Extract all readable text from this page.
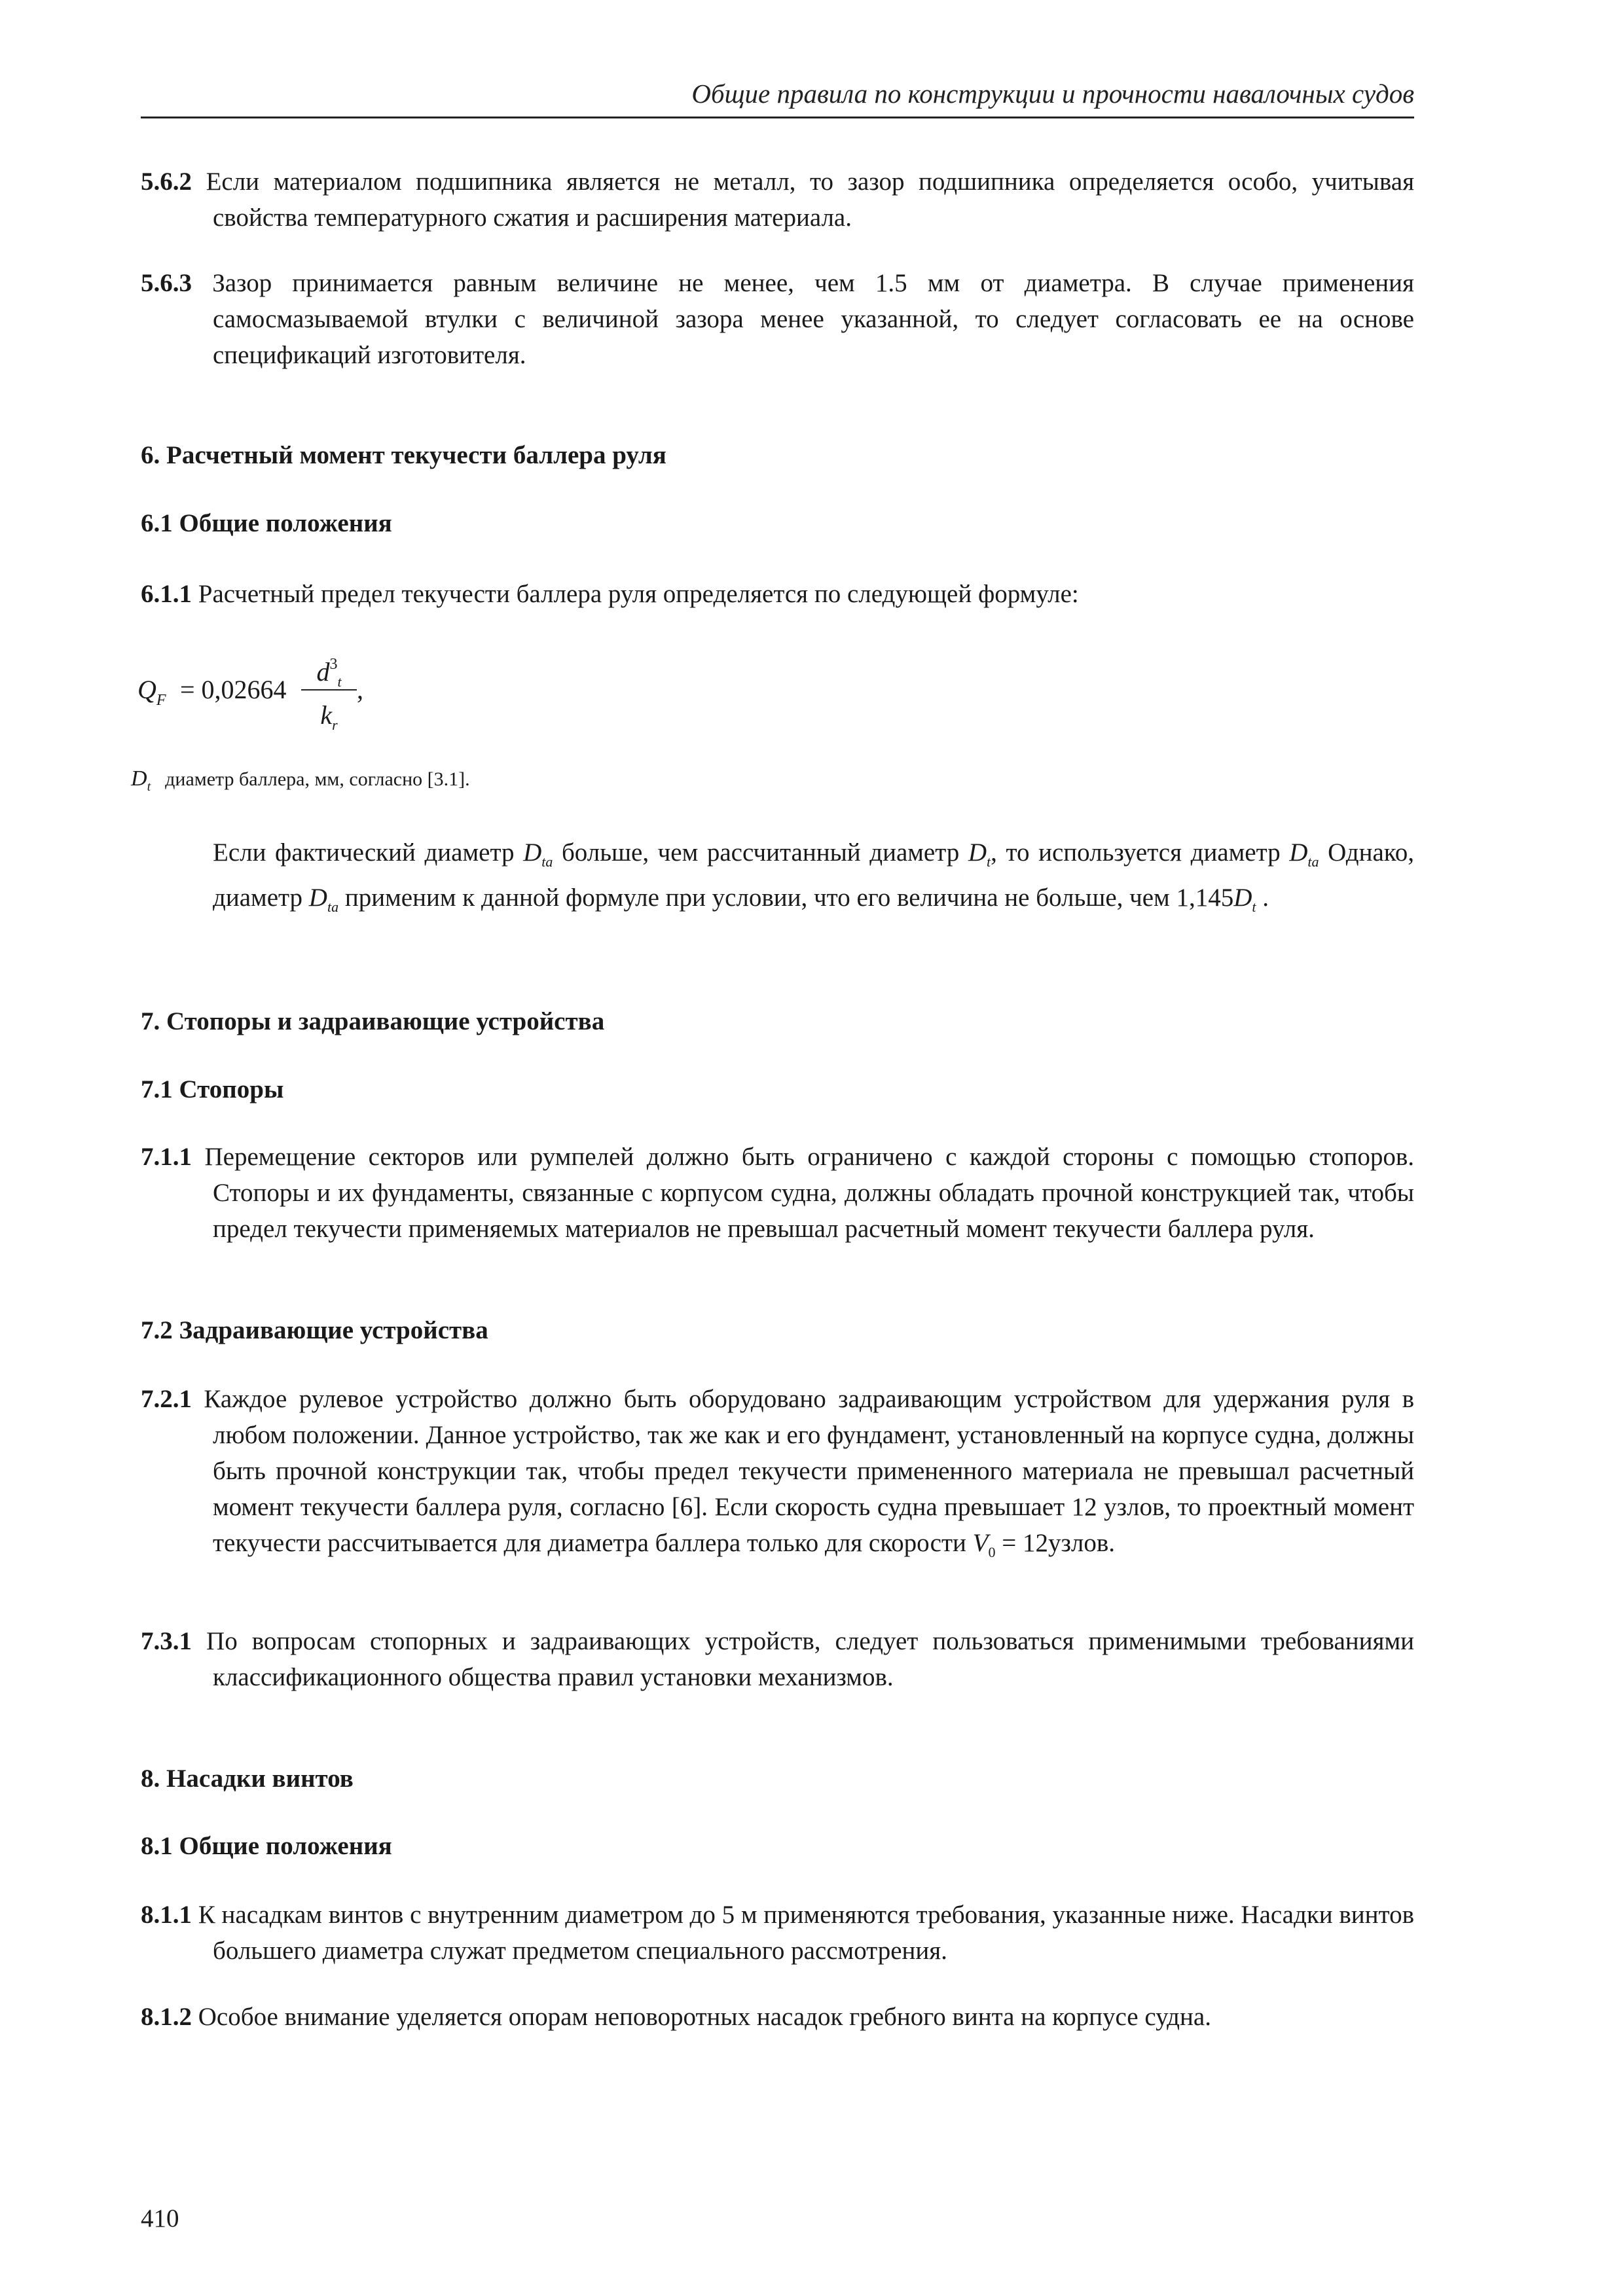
Общие правила по конструкции и прочности навалочных судов
5.6.2 Если материалом подшипника является не металл, то зазор подшипника определяется особо, учитывая свойства температурного сжатия и расширения материала.
5.6.3 Зазор принимается равным величине не менее, чем 1.5 мм от диаметра. В случае применения самосмазываемой втулки с величиной зазора менее указанной, то следует согласовать ее на основе спецификаций изготовителя.
6. Расчетный момент текучести баллера руля
6.1 Общие положения
6.1.1 Расчетный предел текучести баллера руля определяется по следующей формуле:
$Q_F = 0,02664$
$d^3_t$
$k_r$
,
$D_t$ диаметр баллера, мм, согласно [3.1].
Если фактический диаметр $D_{ta}$ больше, чем рассчитанный диаметр $D_t$, то используется диаметр $D_{ta}$ Однако, диаметр $D_{ta}$ применим к данной формуле при условии, что его величина не больше, чем $1,145D_t$ .
7. Стопоры и задраивающие устройства
7.1 Стопоры
7.1.1 Перемещение секторов или румпелей должно быть ограничено с каждой стороны с помощью стопоров. Стопоры и их фундаменты, связанные с корпусом судна, должны обладать прочной конструкцией так, чтобы предел текучести применяемых материалов не превышал расчетный момент текучести баллера руля.
7.2 Задраивающие устройства
7.2.1 Каждое рулевое устройство должно быть оборудовано задраивающим устройством для удержания руля в любом положении. Данное устройство, так же как и его фундамент, установленный на корпусе судна, должны быть прочной конструкции так, чтобы предел текучести примененного материала не превышал расчетный момент текучести баллера руля, согласно [6]. Если скорость судна превышает 12 узлов, то проектный момент текучести рассчитывается для диаметра баллера только для скорости $V_0$ = 12узлов.
7.3.1 По вопросам стопорных и задраивающих устройств, следует пользоваться применимыми требованиями классификационного общества правил установки механизмов.
8. Насадки винтов
8.1 Общие положения
8.1.1 К насадкам винтов с внутренним диаметром до 5 м применяются требования, указанные ниже. Насадки винтов большего диаметра служат предметом специального рассмотрения.
8.1.2 Особое внимание уделяется опорам неповоротных насадок гребного винта на корпусе судна.
410
